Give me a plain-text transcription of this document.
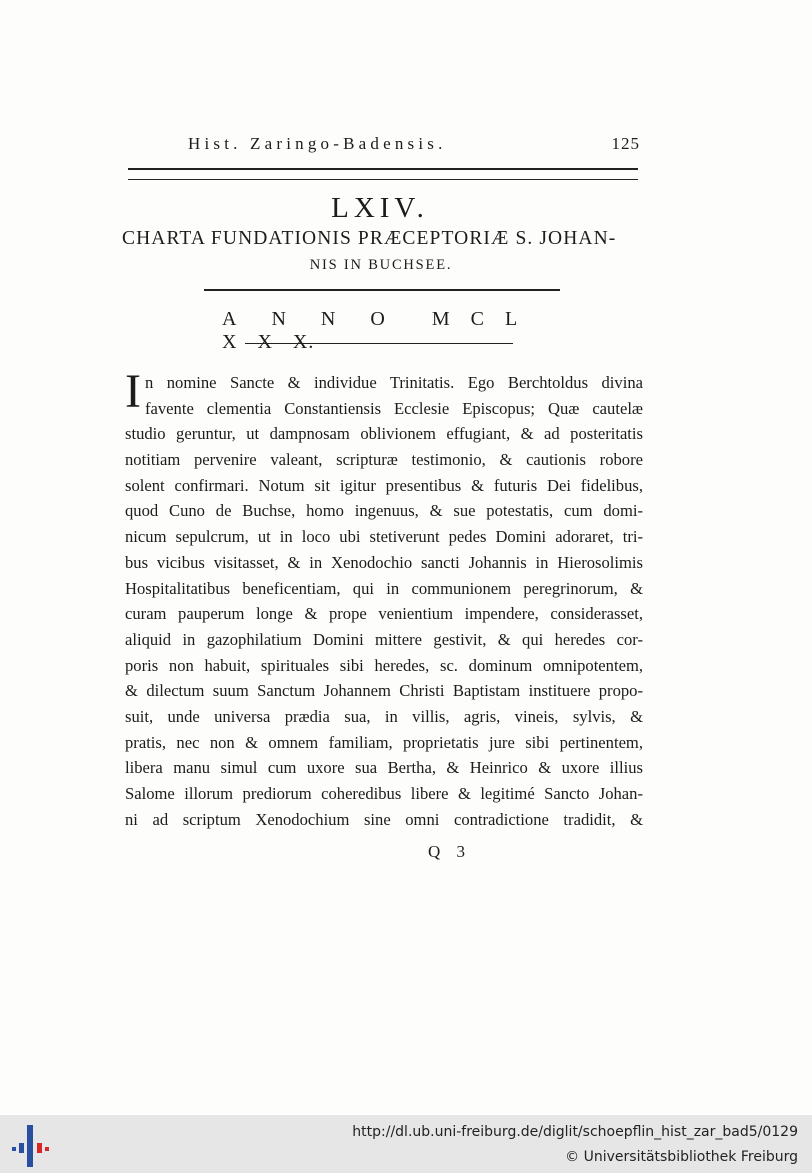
Hist. Zaringo-Badensis.	125
LXIV.
CHARTA FUNDATIONIS PRÆCEPTORIÆ S. JOHAN-
NIS IN BUCHSEE.
A N N O M C LX X X.
I n nomine Sancte & individue Trinitatis. Ego Berchtoldus divina
favente clementia Constantiensis Ecclesie Episcopus; Quæ cautelæ
studio geruntur, ut dampnosam oblivionem effugiant, & ad posteritatis
notitiam pervenire valeant, scripturæ testimonio, & cautionis robore
solent confirmari. Notum sit igitur presentibus & futuris Dei fidelibus,
quod Cuno de Buchse, homo ingenuus, & sue potestatis, cum domi-
nicum sepulcrum, ut in loco ubi stetiverunt pedes Domini adoraret, tri-
bus vicibus visitasset, & in Xenodochio sancti Johannis in Hierosolimis
Hospitalitatibus beneficentiam, qui in communionem peregrinorum, &
curam pauperum longe & prope venientium impendere, considerasset,
aliquid in gazophilatium Domini mittere gestivit, & qui heredes cor-
poris non habuit, spirituales sibi heredes, sc. dominum omnipotentem,
& dilectum suum Sanctum Johannem Christi Baptistam instituere propo-
suit, unde universa prædia sua, in villis, agris, vineis, sylvis, &
pratis, nec non & omnem familiam, proprietatis jure sibi pertinentem,
libera manu simul cum uxore sua Bertha, & Heinrico & uxore illius
Salome illorum prediorum coheredibus libere & legitimé Sancto Johan-
ni ad scriptum Xenodochium sine omni contradictione tradidit, &
Q 3
http://dl.ub.uni-freiburg.de/diglit/schoepflin_hist_zar_bad5/0129
© Universitätsbibliothek Freiburg
